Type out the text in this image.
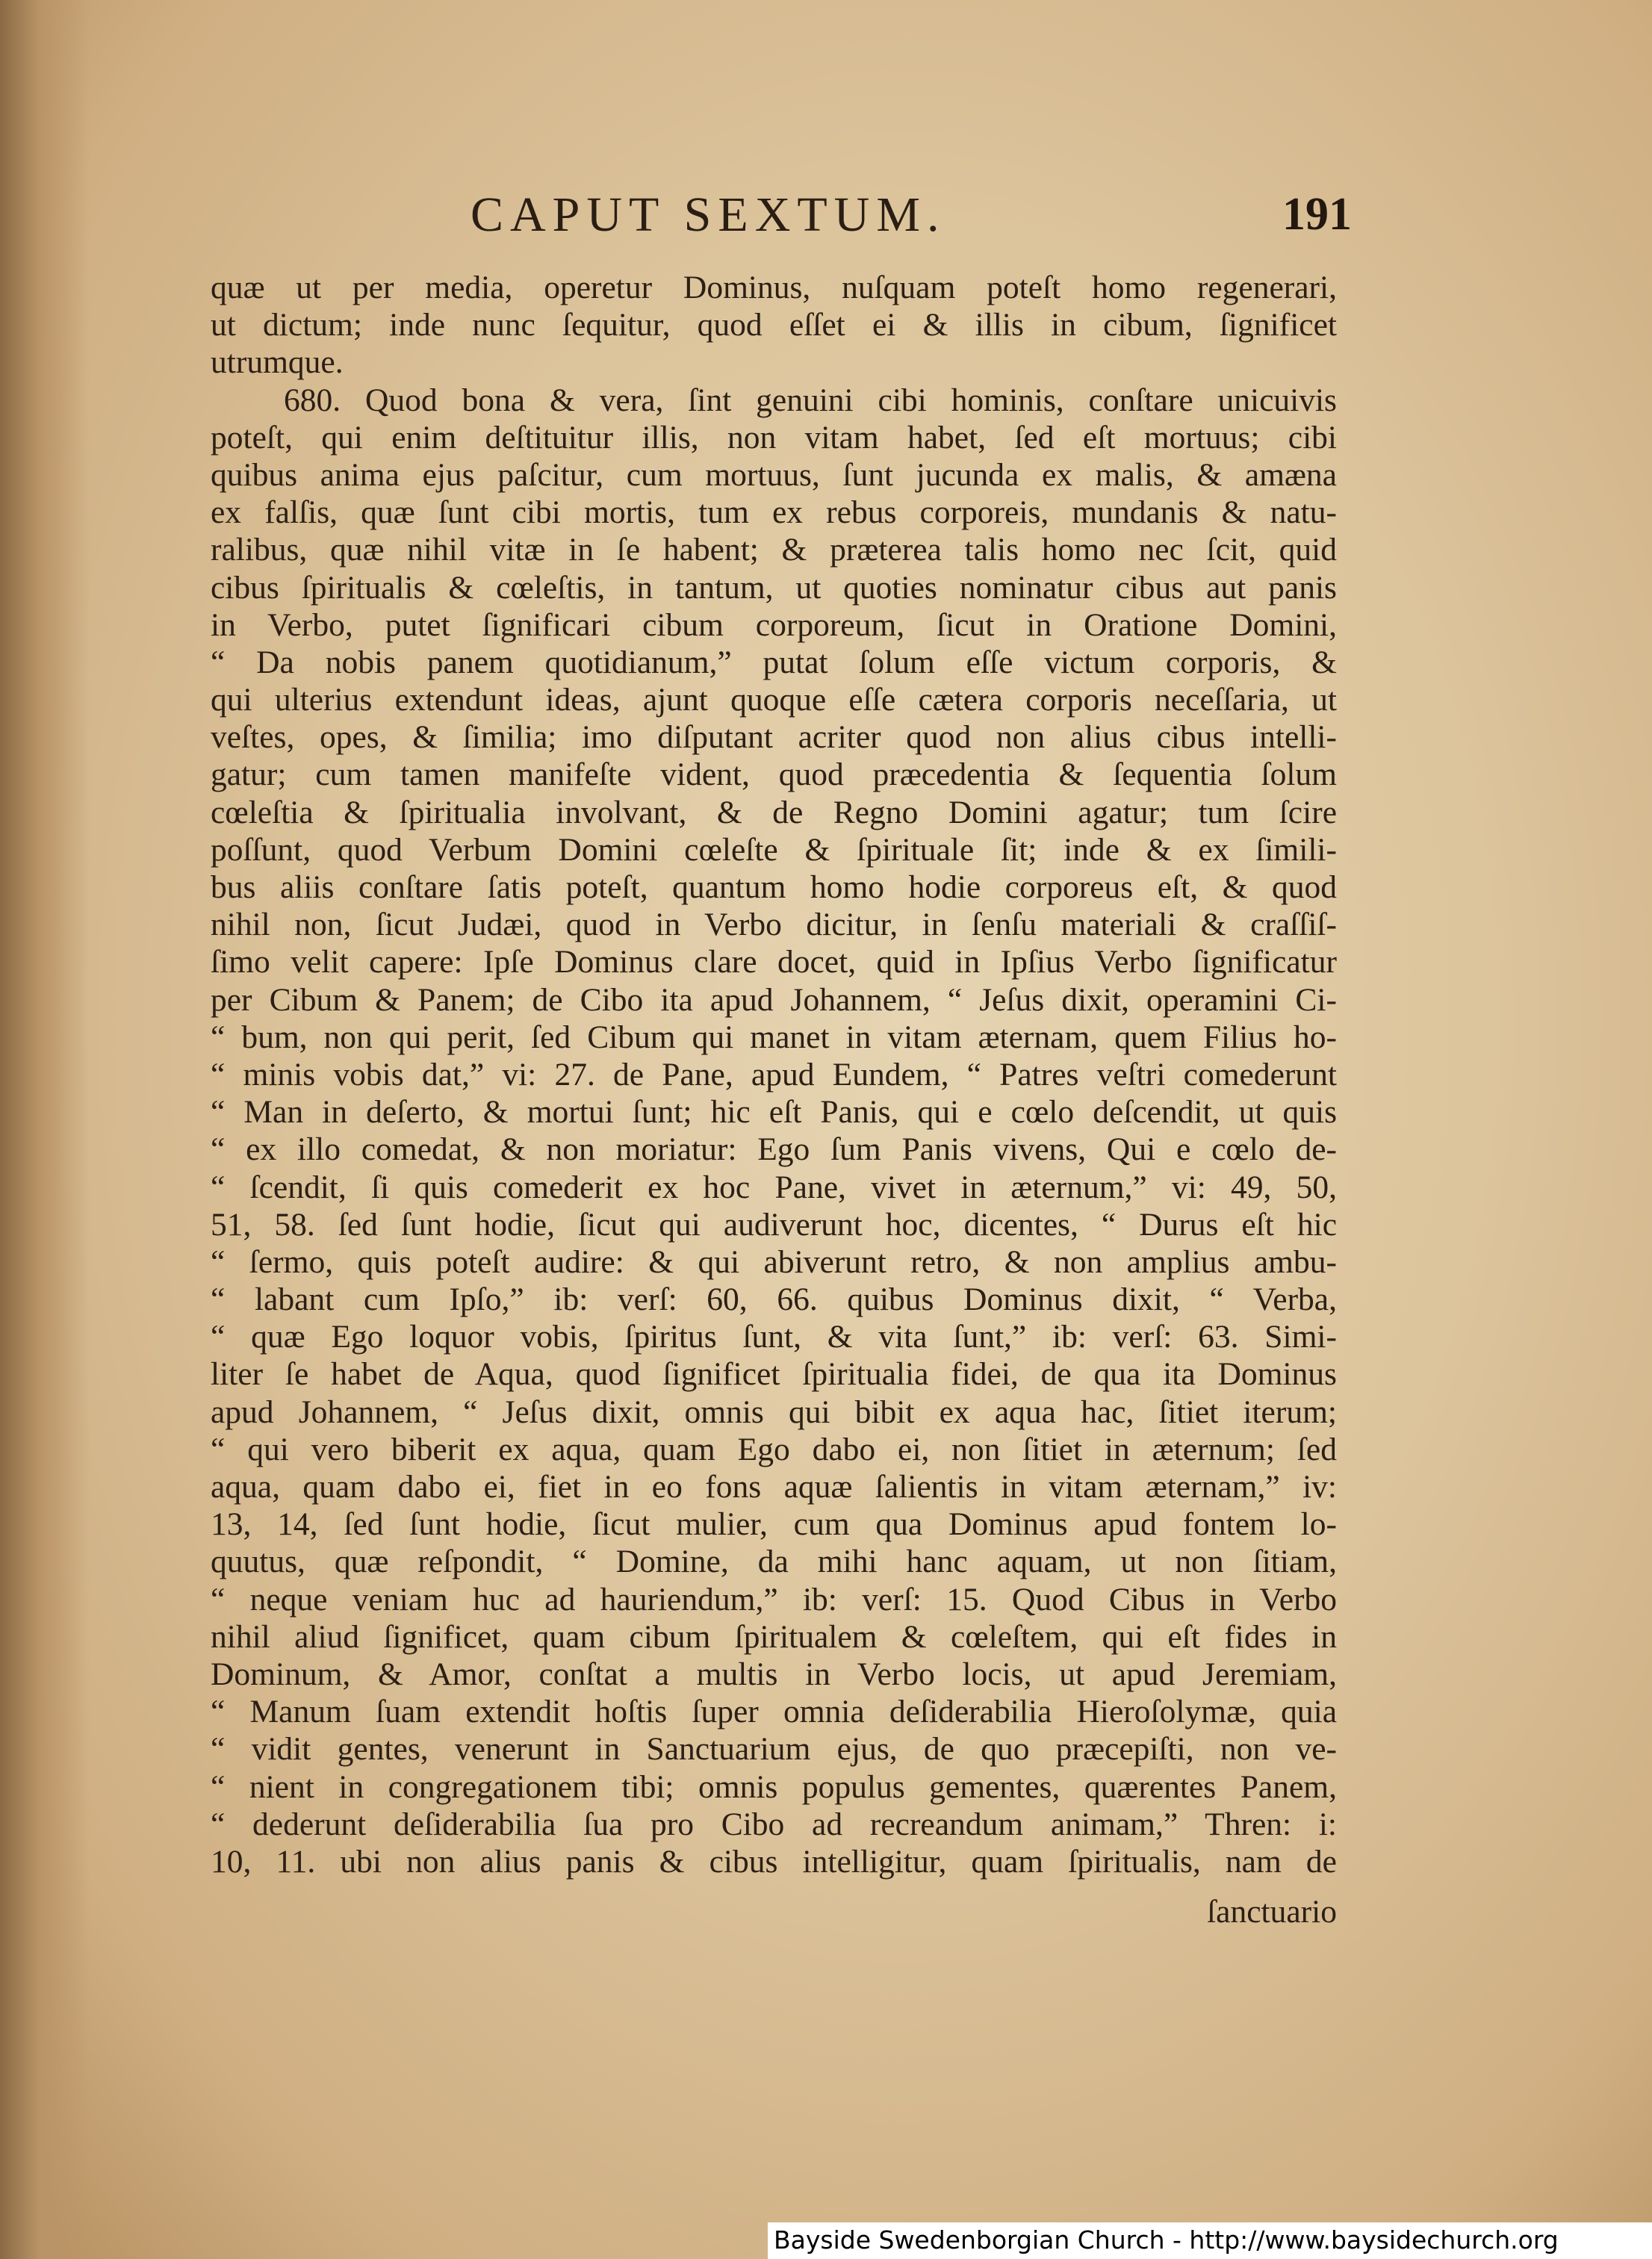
CAPUT SEXTUM.	191
quæ ut per media, operetur Dominus, nuſquam poteſt homo regenerari,
ut dictum; inde nunc ſequitur, quod eſſet ei & illis in cibum, ſignificet
utrumque.
680. Quod bona & vera, ſint genuini cibi hominis, conſtare unicuivis
poteſt, qui enim deſtituitur illis, non vitam habet, ſed eſt mortuus; cibi
quibus anima ejus paſcitur, cum mortuus, ſunt jucunda ex malis, & amæna
ex falſis, quæ ſunt cibi mortis, tum ex rebus corporeis, mundanis & natu-
ralibus, quæ nihil vitæ in ſe habent; & præterea talis homo nec ſcit, quid
cibus ſpiritualis & cœleſtis, in tantum, ut quoties nominatur cibus aut panis
in Verbo, putet ſignificari cibum corporeum, ſicut in Oratione Domini,
“ Da nobis panem quotidianum,” putat ſolum eſſe victum corporis, &
qui ulterius extendunt ideas, ajunt quoque eſſe cætera corporis neceſſaria, ut
veſtes, opes, & ſimilia; imo diſputant acriter quod non alius cibus intelli-
gatur; cum tamen manifeſte vident, quod præcedentia & ſequentia ſolum
cœleſtia & ſpiritualia involvant, & de Regno Domini agatur; tum ſcire
poſſunt, quod Verbum Domini cœleſte & ſpirituale ſit; inde & ex ſimili-
bus aliis conſtare ſatis poteſt, quantum homo hodie corporeus eſt, & quod
nihil non, ſicut Judæi, quod in Verbo dicitur, in ſenſu materiali & craſſiſ-
ſimo velit capere: Ipſe Dominus clare docet, quid in Ipſius Verbo ſignificatur
per Cibum & Panem; de Cibo ita apud Johannem, “ Jeſus dixit, operamini Ci-
“ bum, non qui perit, ſed Cibum qui manet in vitam æternam, quem Filius ho-
“ minis vobis dat,” vi: 27. de Pane, apud Eundem, “ Patres veſtri comederunt
“ Man in deſerto, & mortui ſunt; hic eſt Panis, qui e cœlo deſcendit, ut quis
“ ex illo comedat, & non moriatur: Ego ſum Panis vivens, Qui e cœlo de-
“ ſcendit, ſi quis comederit ex hoc Pane, vivet in æternum,” vi: 49, 50,
51, 58. ſed ſunt hodie, ſicut qui audiverunt hoc, dicentes, “ Durus eſt hic
“ ſermo, quis poteſt audire: & qui abiverunt retro, & non amplius ambu-
“ labant cum Ipſo,” ib: verſ: 60, 66. quibus Dominus dixit, “ Verba,
“ quæ Ego loquor vobis, ſpiritus ſunt, & vita ſunt,” ib: verſ: 63. Simi-
liter ſe habet de Aqua, quod ſignificet ſpiritualia fidei, de qua ita Dominus
apud Johannem, “ Jeſus dixit, omnis qui bibit ex aqua hac, ſitiet iterum;
“ qui vero biberit ex aqua, quam Ego dabo ei, non ſitiet in æternum; ſed
aqua, quam dabo ei, fiet in eo fons aquæ ſalientis in vitam æternam,” iv:
13, 14, ſed ſunt hodie, ſicut mulier, cum qua Dominus apud fontem lo-
quutus, quæ reſpondit, “ Domine, da mihi hanc aquam, ut non ſitiam,
“ neque veniam huc ad hauriendum,” ib: verſ: 15. Quod Cibus in Verbo
nihil aliud ſignificet, quam cibum ſpiritualem & cœleſtem, qui eſt fides in
Dominum, & Amor, conſtat a multis in Verbo locis, ut apud Jeremiam,
“ Manum ſuam extendit hoſtis ſuper omnia deſiderabilia Hieroſolymæ, quia
“ vidit gentes, venerunt in Sanctuarium ejus, de quo præcepiſti, non ve-
“ nient in congregationem tibi; omnis populus gementes, quærentes Panem,
“ dederunt deſiderabilia ſua pro Cibo ad recreandum animam,” Thren: i:
10, 11. ubi non alius panis & cibus intelligitur, quam ſpiritualis, nam de
ſanctuario
Bayside Swedenborgian Church - http://www.baysidechurch.org
